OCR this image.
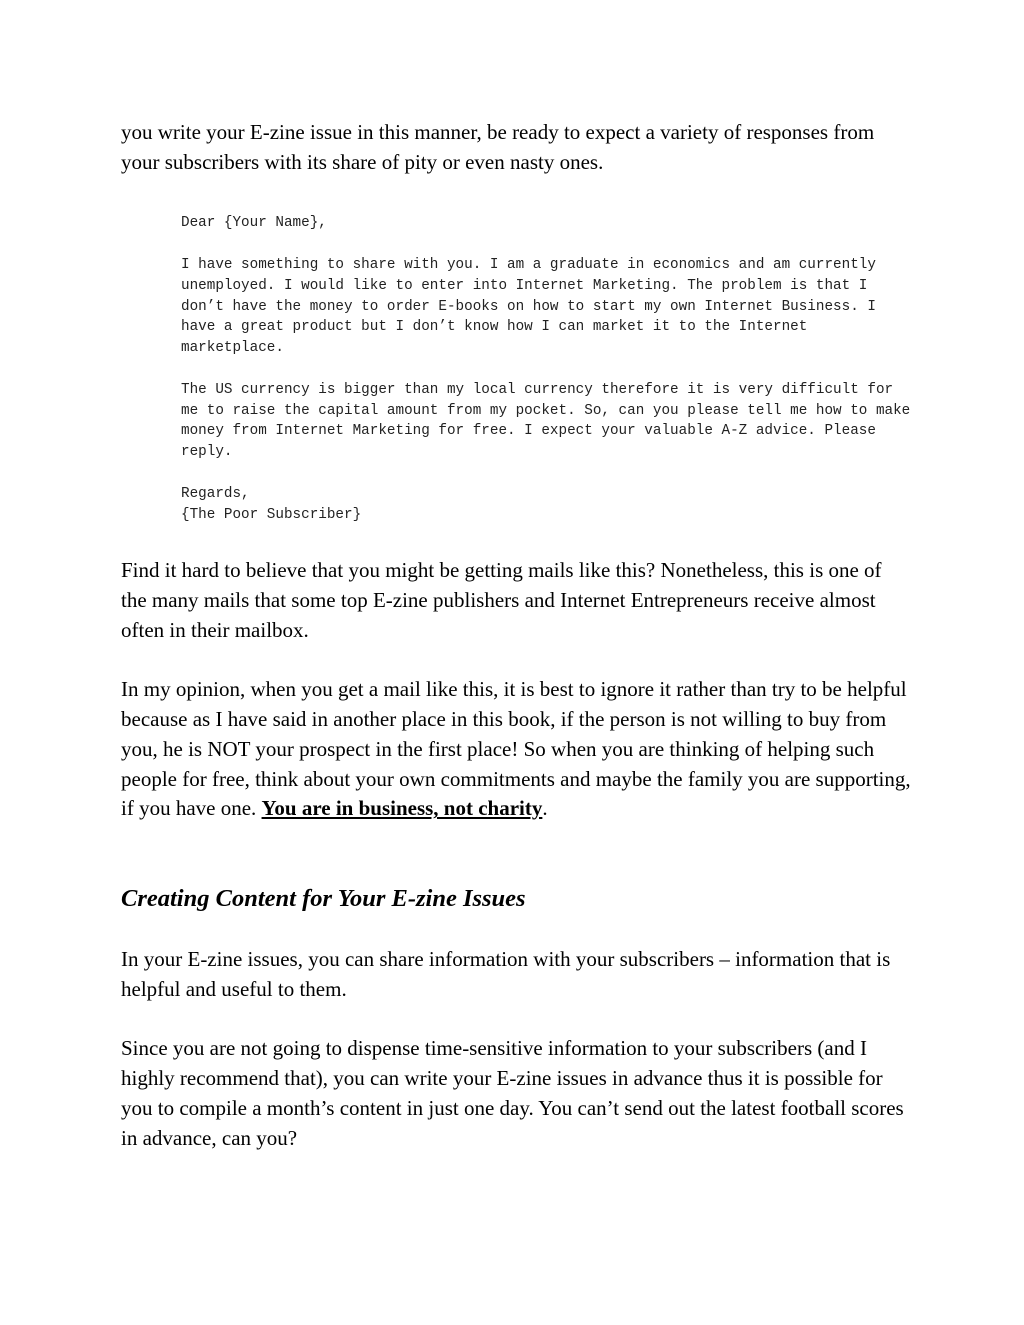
you write your E-zine issue in this manner, be ready to expect a variety of responses from your subscribers with its share of pity or even nasty ones.

Dear {Your Name},

I have something to share with you. I am a graduate in economics and am currently unemployed. I would like to enter into Internet Marketing. The problem is that I don’t have the money to order E-books on how to start my own Internet Business. I have a great product but I don’t know how I can market it to the Internet marketplace.

The US currency is bigger than my local currency therefore it is very difficult for me to raise the capital amount from my pocket. So, can you please tell me how to make money from Internet Marketing for free. I expect your valuable A-Z advice. Please reply.

Regards,

{The Poor Subscriber}

Find it hard to believe that you might be getting mails like this? Nonetheless, this is one of the many mails that some top E-zine publishers and Internet Entrepreneurs receive almost often in their mailbox.

In my opinion, when you get a mail like this, it is best to ignore it rather than try to be helpful because as I have said in another place in this book, if the person is not willing to buy from you, he is NOT your prospect in the first place! So when you are thinking of helping such people for free, think about your own commitments and maybe the family you are supporting, if you have one. You are in business, not charity.

Creating Content for Your E-zine Issues

In your E-zine issues, you can share information with your subscribers – information that is helpful and useful to them.

Since you are not going to dispense time-sensitive information to your subscribers (and I highly recommend that), you can write your E-zine issues in advance thus it is possible for you to compile a month’s content in just one day. You can’t send out the latest football scores in advance, can you?
